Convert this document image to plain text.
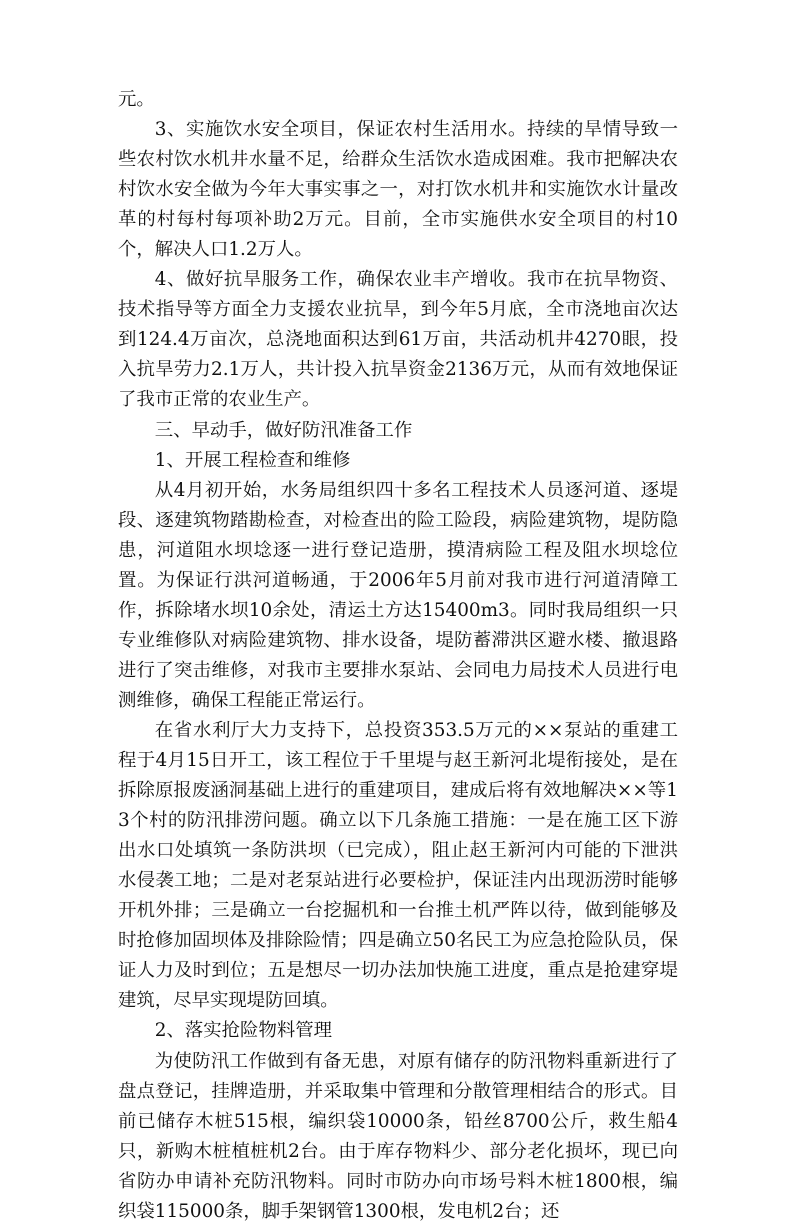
元。

3、实施饮水安全项目，保证农村生活用水。持续的旱情导致一些农村饮水机井水量不足，给群众生活饮水造成困难。我市把解决农村饮水安全做为今年大事实事之一，对打饮水机井和实施饮水计量改革的村每村每项补助2万元。目前，全市实施供水安全项目的村10个，解决人口1.2万人。

4、做好抗旱服务工作，确保农业丰产增收。我市在抗旱物资、技术指导等方面全力支援农业抗旱，到今年5月底，全市浇地亩次达到124.4万亩次，总浇地面积达到61万亩，共活动机井4270眼，投入抗旱劳力2.1万人，共计投入抗旱资金2136万元，从而有效地保证了我市正常的农业生产。

三、早动手，做好防汛准备工作

1、开展工程检查和维修

从4月初开始，水务局组织四十多名工程技术人员逐河道、逐堤段、逐建筑物踏勘检查，对检查出的险工险段，病险建筑物，堤防隐患，河道阻水坝埝逐一进行登记造册，摸清病险工程及阻水坝埝位置。为保证行洪河道畅通，于2006年5月前对我市进行河道清障工作，拆除堵水坝10余处，清运土方达15400m3。同时我局组织一只专业维修队对病险建筑物、排水设备，堤防蓄滞洪区避水楼、撤退路进行了突击维修，对我市主要排水泵站、会同电力局技术人员进行电测维修，确保工程能正常运行。

在省水利厅大力支持下，总投资353.5万元的××泵站的重建工程于4月15日开工，该工程位于千里堤与赵王新河北堤衔接处，是在拆除原报废涵洞基础上进行的重建项目，建成后将有效地解决××等13个村的防汛排涝问题。确立以下几条施工措施：一是在施工区下游出水口处填筑一条防洪坝（已完成），阻止赵王新河内可能的下泄洪水侵袭工地；二是对老泵站进行必要检护，保证洼内出现沥涝时能够开机外排；三是确立一台挖掘机和一台推土机严阵以待，做到能够及时抢修加固坝体及排除险情；四是确立50名民工为应急抢险队员，保证人力及时到位；五是想尽一切办法加快施工进度，重点是抢建穿堤建筑，尽早实现堤防回填。

2、落实抢险物料管理

为使防汛工作做到有备无患，对原有储存的防汛物料重新进行了盘点登记，挂牌造册，并采取集中管理和分散管理相结合的形式。目前已储存木桩515根，编织袋10000条，铅丝8700公斤，救生船4只，新购木桩植桩机2台。由于库存物料少、部分老化损坏，现已向省防办申请补充防汛物料。同时市防办向市场号料木桩1800根，编织袋115000条，脚手架钢管1300根，发电机2台；还
